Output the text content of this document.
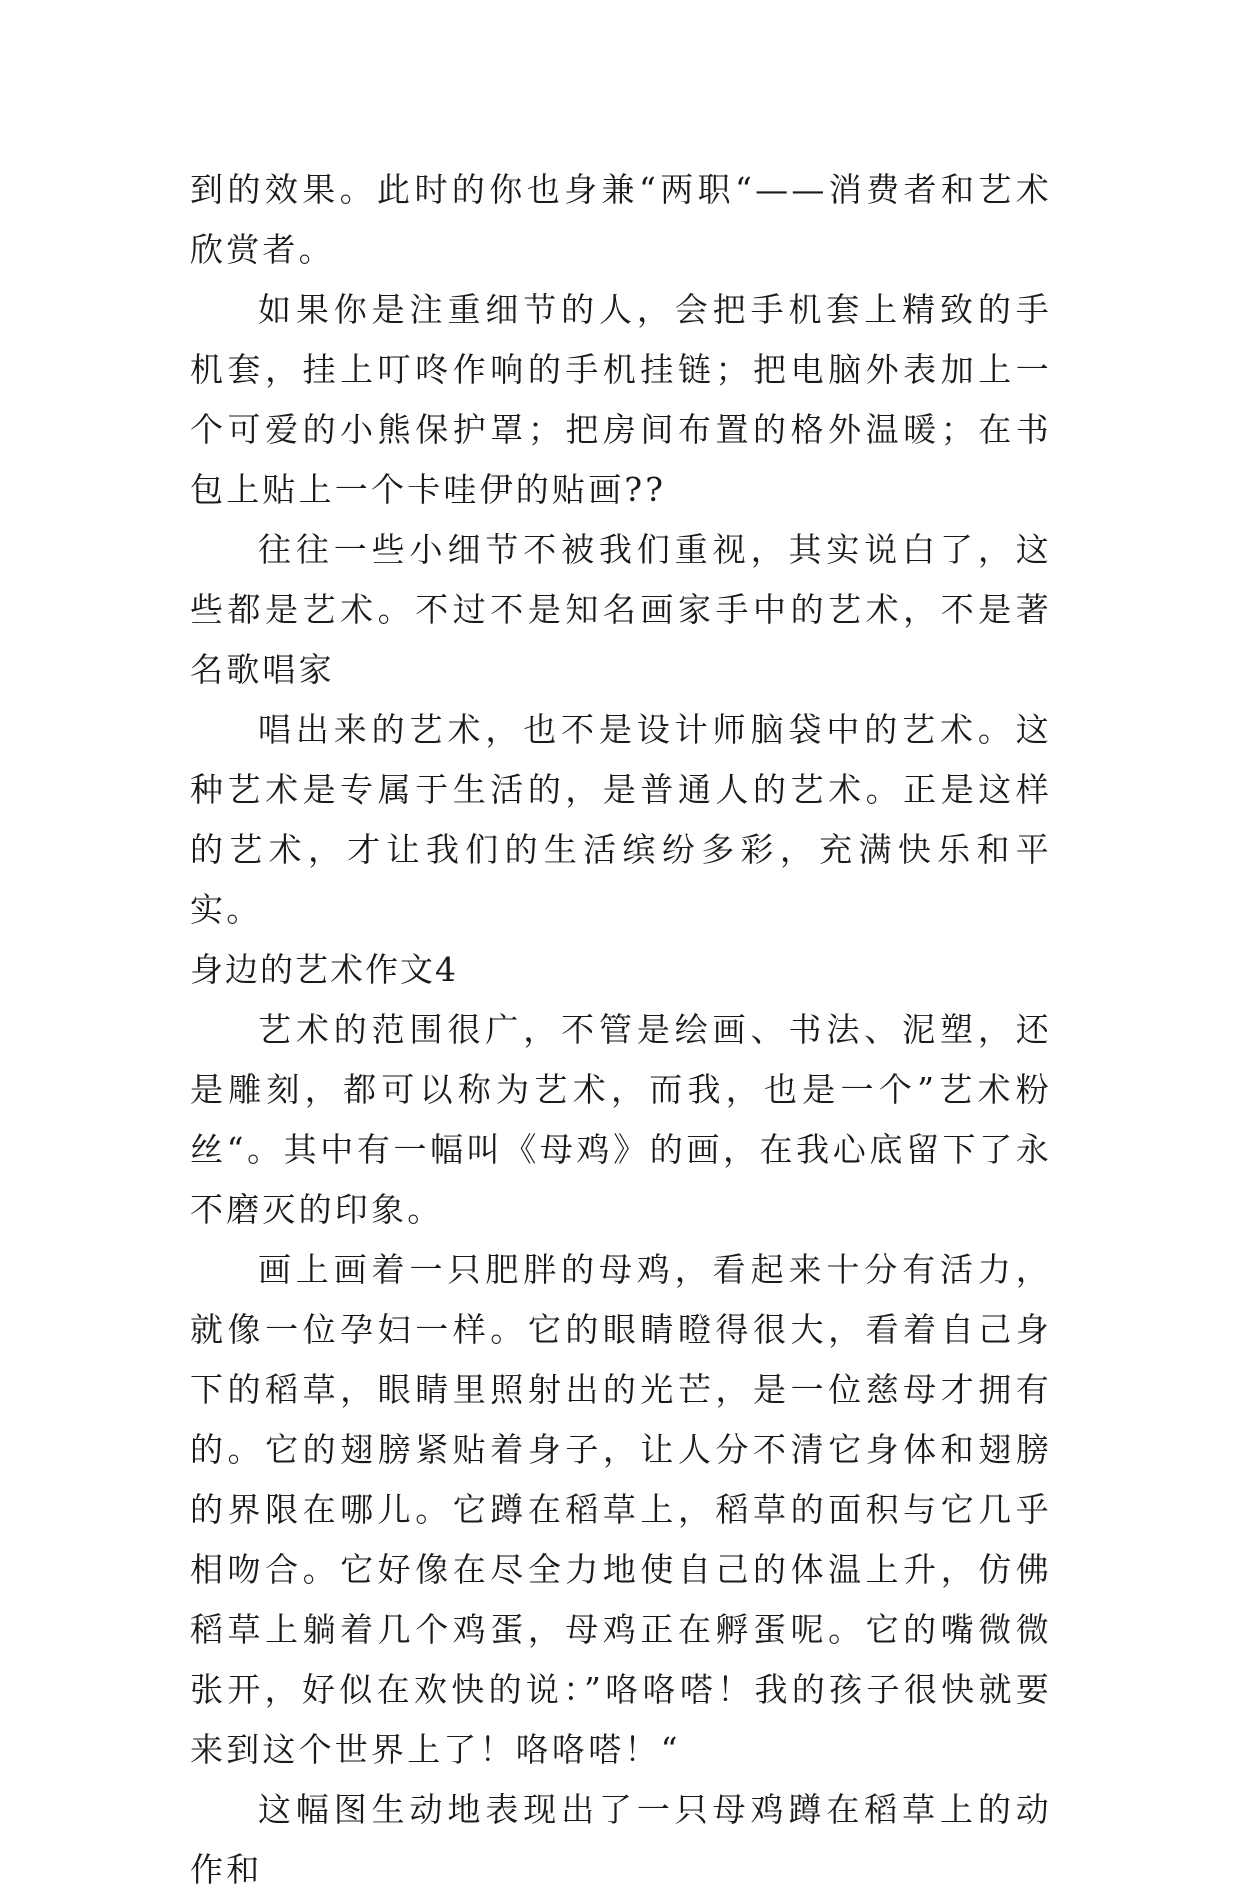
到的效果。此时的你也身兼“两职“——消费者和艺术欣赏者。

如果你是注重细节的人，会把手机套上精致的手机套，挂上叮咚作响的手机挂链；把电脑外表加上一个可爱的小熊保护罩；把房间布置的格外温暖；在书包上贴上一个卡哇伊的贴画??

往往一些小细节不被我们重视，其实说白了，这些都是艺术。不过不是知名画家手中的艺术，不是著名歌唱家

唱出来的艺术，也不是设计师脑袋中的艺术。这种艺术是专属于生活的，是普通人的艺术。正是这样的艺术，才让我们的生活缤纷多彩，充满快乐和平实。

身边的艺术作文4

艺术的范围很广，不管是绘画、书法、泥塑，还是雕刻，都可以称为艺术，而我，也是一个”艺术粉丝“。其中有一幅叫《母鸡》的画，在我心底留下了永不磨灭的印象。

画上画着一只肥胖的母鸡，看起来十分有活力，就像一位孕妇一样。它的眼睛瞪得很大，看着自己身下的稻草，眼睛里照射出的光芒，是一位慈母才拥有的。它的翅膀紧贴着身子，让人分不清它身体和翅膀的界限在哪儿。它蹲在稻草上，稻草的面积与它几乎相吻合。它好像在尽全力地使自己的体温上升，仿佛稻草上躺着几个鸡蛋，母鸡正在孵蛋呢。它的嘴微微张开，好似在欢快的说：”咯咯嗒！我的孩子很快就要来到这个世界上了！咯咯嗒！“

这幅图生动地表现出了一只母鸡蹲在稻草上的动作和
